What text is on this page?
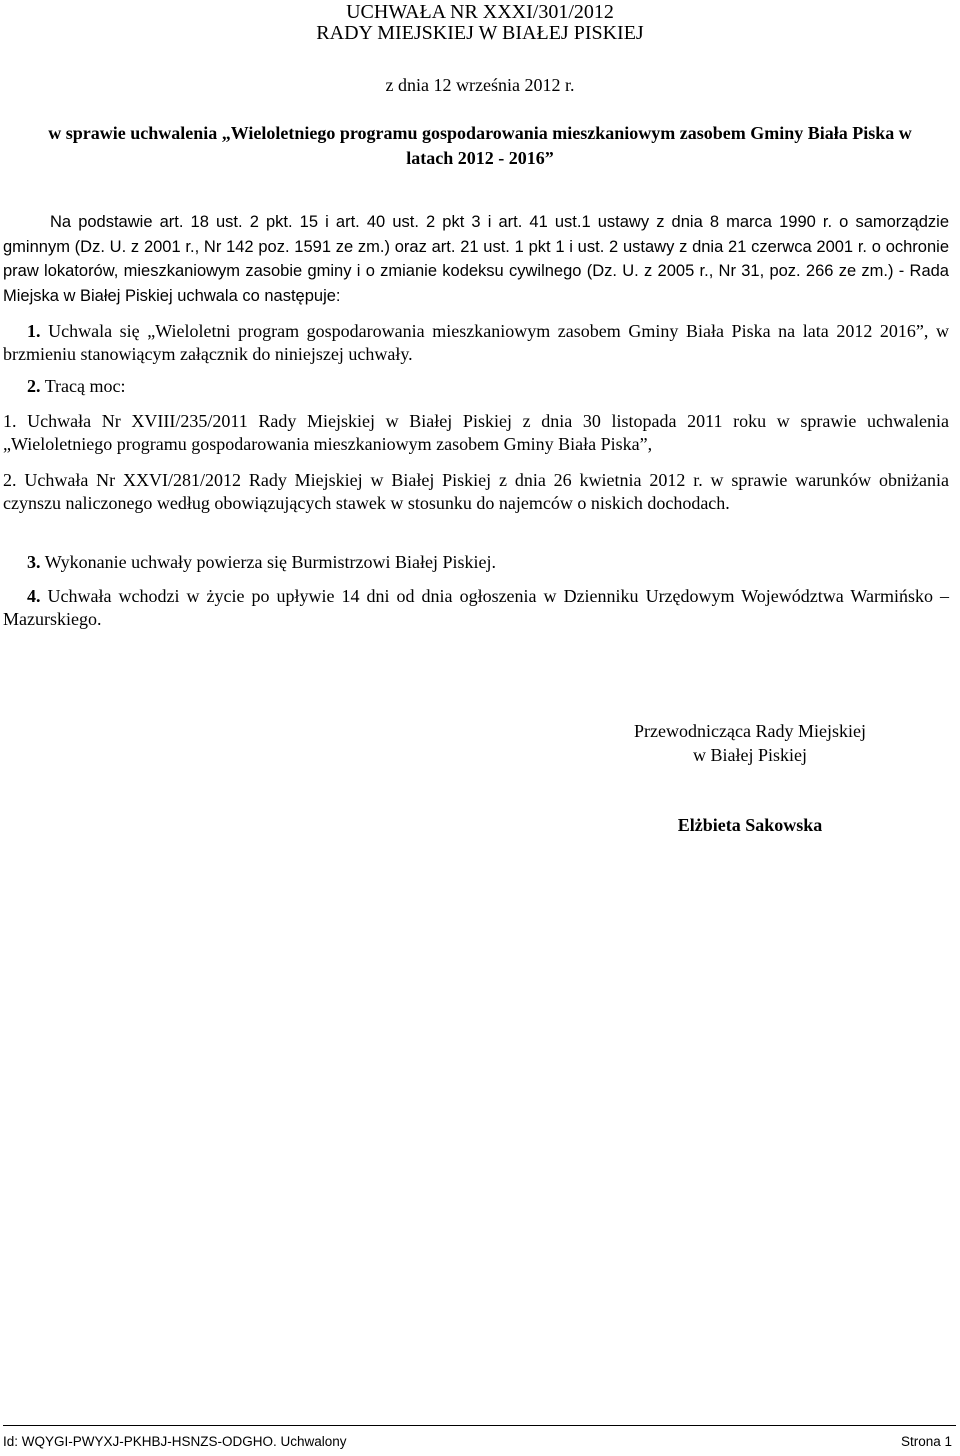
UCHWAŁA NR XXXI/301/2012
RADY MIEJSKIEJ W BIAŁEJ PISKIEJ
z dnia 12 września 2012 r.
w sprawie uchwalenia „Wieloletniego programu gospodarowania mieszkaniowym zasobem Gminy Biała Piska w latach 2012 - 2016”
Na podstawie art. 18 ust. 2 pkt. 15 i art. 40 ust. 2 pkt 3 i art. 41 ust.1 ustawy z dnia 8 marca 1990 r. o samorządzie gminnym (Dz. U. z 2001 r., Nr 142 poz. 1591 ze zm.) oraz art. 21 ust. 1 pkt 1 i ust. 2 ustawy z dnia 21 czerwca 2001 r. o ochronie praw lokatorów, mieszkaniowym zasobie gminy i o zmianie kodeksu cywilnego (Dz. U. z 2005 r., Nr 31, poz. 266 ze zm.) - Rada Miejska w Białej Piskiej uchwala co następuje:
1. Uchwala się „Wieloletni program gospodarowania mieszkaniowym zasobem Gminy Biała Piska na lata 2012 2016”, w brzmieniu stanowiącym załącznik do niniejszej uchwały.
2. Tracą moc:
1. Uchwała Nr XVIII/235/2011 Rady Miejskiej w Białej Piskiej z dnia 30 listopada 2011 roku w sprawie uchwalenia „Wieloletniego programu gospodarowania mieszkaniowym zasobem Gminy Biała Piska”,
2. Uchwała Nr XXVI/281/2012 Rady Miejskiej w Białej Piskiej z dnia 26 kwietnia 2012 r. w sprawie warunków obniżania czynszu naliczonego według obowiązujących stawek w stosunku do najemców o niskich dochodach.
3. Wykonanie uchwały powierza się Burmistrzowi Białej Piskiej.
4. Uchwała wchodzi w życie po upływie 14 dni od dnia ogłoszenia w Dzienniku Urzędowym Województwa Warmińsko – Mazurskiego.
Przewodnicząca Rady Miejskiej
w Białej Piskiej
Elżbieta Sakowska
Id: WQYGI-PWYXJ-PKHBJ-HSNZS-ODGHO. Uchwalony	Strona 1
